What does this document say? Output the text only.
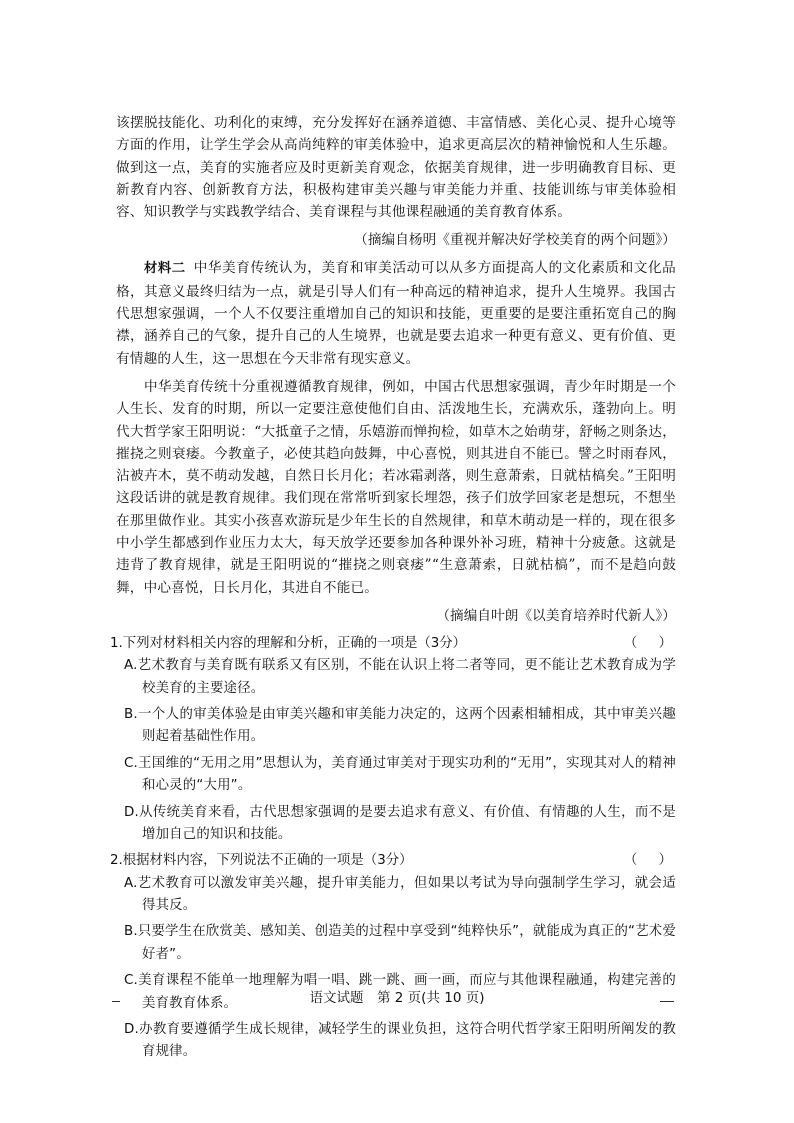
该摆脱技能化、功利化的束缚，充分发挥好在涵养道德、丰富情感、美化心灵、提升心境等方面的作用，让学生学会从高尚纯粹的审美体验中，追求更高层次的精神愉悦和人生乐趣。做到这一点，美育的实施者应及时更新美育观念，依据美育规律，进一步明确教育目标、更新教育内容、创新教育方法，积极构建审美兴趣与审美能力并重、技能训练与审美体验相容、知识教学与实践教学结合、美育课程与其他课程融通的美育教育体系。

（摘编自杨明《重视并解决好学校美育的两个问题》）

材料二 中华美育传统认为，美育和审美活动可以从多方面提高人的文化素质和文化品格，其意义最终归结为一点，就是引导人们有一种高远的精神追求，提升人生境界。我国古代思想家强调，一个人不仅要注重增加自己的知识和技能，更重要的是要注重拓宽自己的胸襟，涵养自己的气象，提升自己的人生境界，也就是要去追求一种更有意义、更有价值、更有情趣的人生，这一思想在今天非常有现实意义。

中华美育传统十分重视遵循教育规律，例如，中国古代思想家强调，青少年时期是一个人生长、发育的时期，所以一定要注意使他们自由、活泼地生长，充满欢乐，蓬勃向上。明代大哲学家王阳明说：“大抵童子之情，乐嬉游而惮拘检，如草木之始萌芽，舒畅之则条达，摧挠之则衰痿。今教童子，必使其趋向鼓舞，中心喜悦，则其进自不能已。譬之时雨春风，沾被卉木，莫不萌动发越，自然日长月化；若冰霜剥落，则生意萧索，日就枯槁矣。”王阳明这段话讲的就是教育规律。我们现在常常听到家长埋怨，孩子们放学回家老是想玩，不想坐在那里做作业。其实小孩喜欢游玩是少年生长的自然规律，和草木萌动是一样的，现在很多中小学生都感到作业压力太大，每天放学还要参加各种课外补习班，精神十分疲惫。这就是违背了教育规律，就是王阳明说的“摧挠之则衰痿”“生意萧索，日就枯槁”，而不是趋向鼓舞，中心喜悦，日长月化，其进自不能已。

（摘编自叶朗《以美育培养时代新人》）

1.下列对材料相关内容的理解和分析，正确的一项是（3分）	（　）

A.艺术教育与美育既有联系又有区别，不能在认识上将二者等同，更不能让艺术教育成为学校美育的主要途径。

B.一个人的审美体验是由审美兴趣和审美能力决定的，这两个因素相辅相成，其中审美兴趣则起着基础性作用。

C.王国维的“无用之用”思想认为，美育通过审美对于现实功利的“无用”，实现其对人的精神和心灵的“大用”。

D.从传统美育来看，古代思想家强调的是要去追求有意义、有价值、有情趣的人生，而不是增加自己的知识和技能。

2.根据材料内容，下列说法不正确的一项是（3分）	（　）

A.艺术教育可以激发审美兴趣，提升审美能力，但如果以考试为导向强制学生学习，就会适得其反。

B.只要学生在欣赏美、感知美、创造美的过程中享受到“纯粹快乐”，就能成为真正的“艺术爱好者”。

C.美育课程不能单一地理解为唱一唱、跳一跳、画一画，而应与其他课程融通，构建完善的美育教育体系。

D.办教育要遵循学生成长规律，减轻学生的课业负担，这符合明代哲学家王阳明所阐发的教育规律。

语文试题　第 2 页(共 10 页)
